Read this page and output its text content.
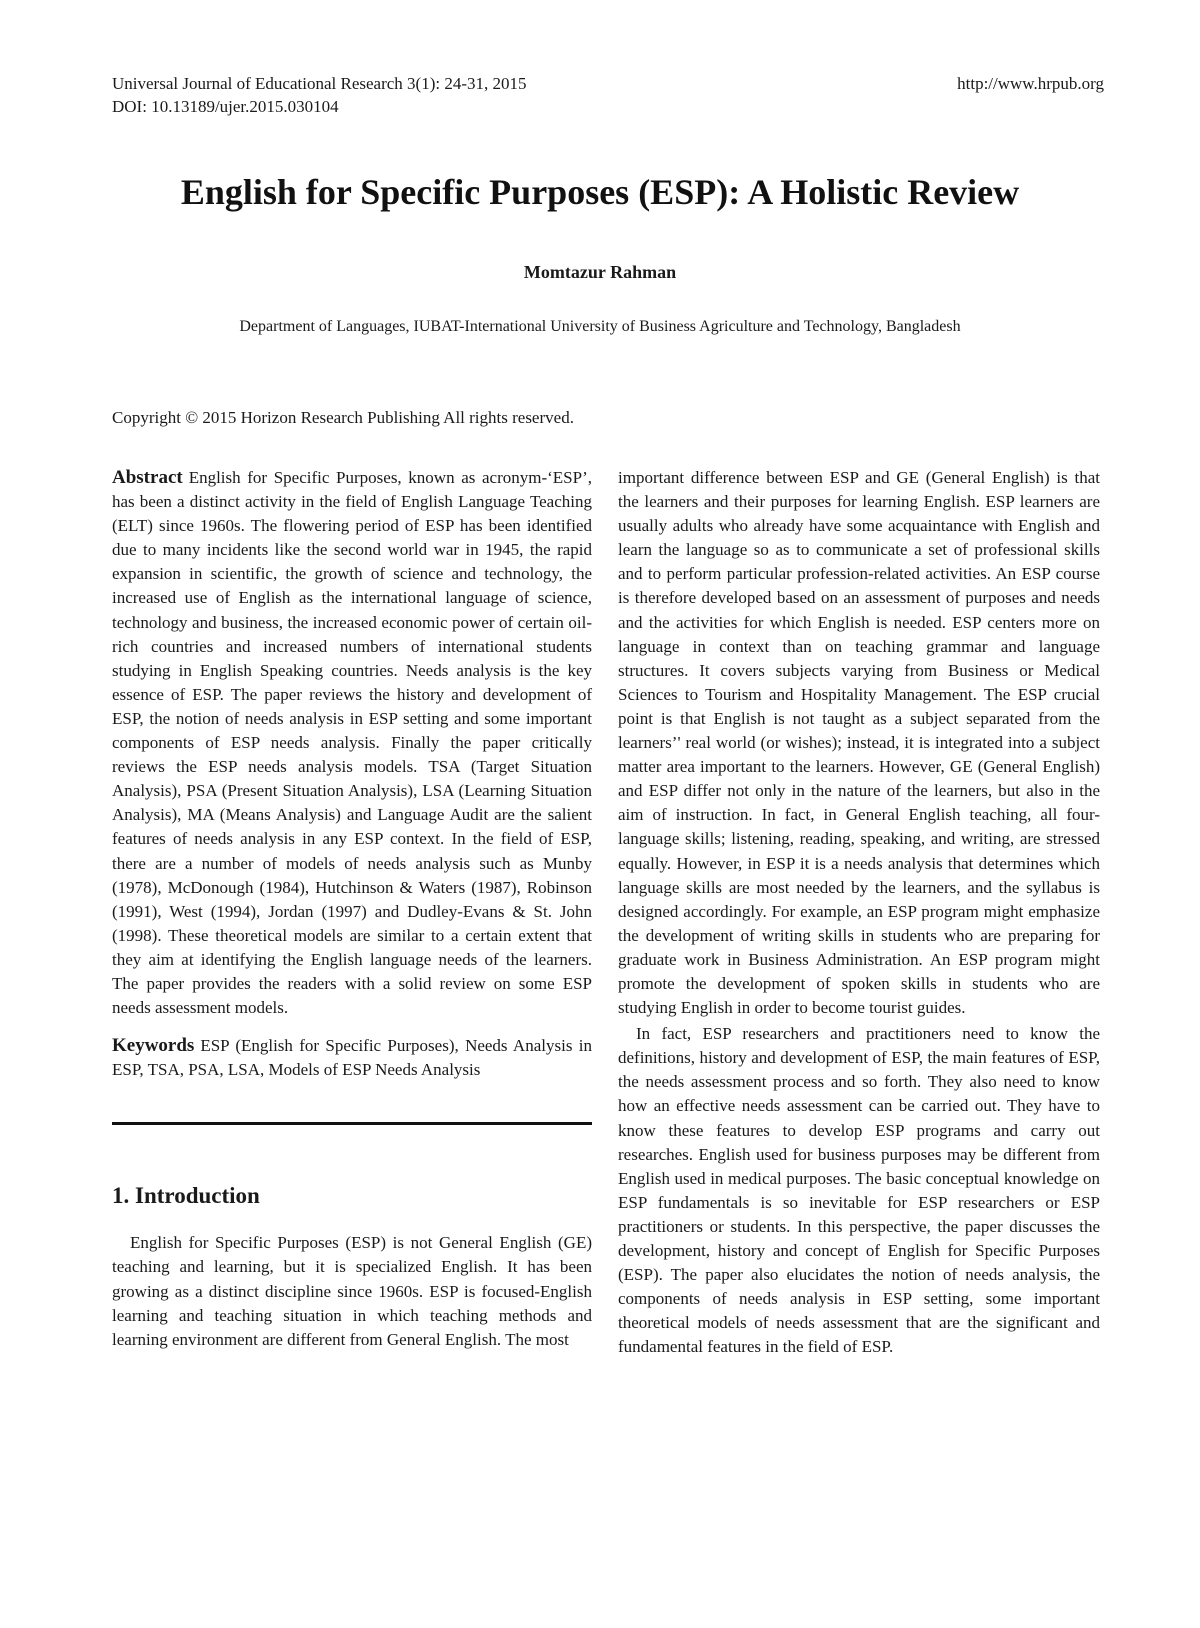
Universal Journal of Educational Research 3(1): 24-31, 2015
DOI: 10.13189/ujer.2015.030104
http://www.hrpub.org
English for Specific Purposes (ESP): A Holistic Review
Momtazur Rahman
Department of Languages, IUBAT-International University of Business Agriculture and Technology, Bangladesh
Copyright © 2015 Horizon Research Publishing All rights reserved.

Abstract English for Specific Purposes, known as acronym-‘ESP’, has been a distinct activity in the field of English Language Teaching (ELT) since 1960s. The flowering period of ESP has been identified due to many incidents like the second world war in 1945, the rapid expansion in scientific, the growth of science and technology, the increased use of English as the international language of science, technology and business, the increased economic power of certain oil-rich countries and increased numbers of international students studying in English Speaking countries. Needs analysis is the key essence of ESP. The paper reviews the history and development of ESP, the notion of needs analysis in ESP setting and some important components of ESP needs analysis. Finally the paper critically reviews the ESP needs analysis models. TSA (Target Situation Analysis), PSA (Present Situation Analysis), LSA (Learning Situation Analysis), MA (Means Analysis) and Language Audit are the salient features of needs analysis in any ESP context. In the field of ESP, there are a number of models of needs analysis such as Munby (1978), McDonough (1984), Hutchinson & Waters (1987), Robinson (1991), West (1994), Jordan (1997) and Dudley-Evans & St. John (1998). These theoretical models are similar to a certain extent that they aim at identifying the English language needs of the learners. The paper provides the readers with a solid review on some ESP needs assessment models.

Keywords ESP (English for Specific Purposes), Needs Analysis in ESP, TSA, PSA, LSA, Models of ESP Needs Analysis

1. Introduction

English for Specific Purposes (ESP) is not General English (GE) teaching and learning, but it is specialized English. It has been growing as a distinct discipline since 1960s. ESP is focused-English learning and teaching situation in which teaching methods and learning environment are different from General English. The most

important difference between ESP and GE (General English) is that the learners and their purposes for learning English. ESP learners are usually adults who already have some acquaintance with English and learn the language so as to communicate a set of professional skills and to perform particular profession-related activities. An ESP course is therefore developed based on an assessment of purposes and needs and the activities for which English is needed. ESP centers more on language in context than on teaching grammar and language structures. It covers subjects varying from Business or Medical Sciences to Tourism and Hospitality Management. The ESP crucial point is that English is not taught as a subject separated from the learners’' real world (or wishes); instead, it is integrated into a subject matter area important to the learners. However, GE (General English) and ESP differ not only in the nature of the learners, but also in the aim of instruction. In fact, in General English teaching, all four-language skills; listening, reading, speaking, and writing, are stressed equally. However, in ESP it is a needs analysis that determines which language skills are most needed by the learners, and the syllabus is designed accordingly. For example, an ESP program might emphasize the development of writing skills in students who are preparing for graduate work in Business Administration. An ESP program might promote the development of spoken skills in students who are studying English in order to become tourist guides.

In fact, ESP researchers and practitioners need to know the definitions, history and development of ESP, the main features of ESP, the needs assessment process and so forth. They also need to know how an effective needs assessment can be carried out. They have to know these features to develop ESP programs and carry out researches. English used for business purposes may be different from English used in medical purposes. The basic conceptual knowledge on ESP fundamentals is so inevitable for ESP researchers or ESP practitioners or students. In this perspective, the paper discusses the development, history and concept of English for Specific Purposes (ESP). The paper also elucidates the notion of needs analysis, the components of needs analysis in ESP setting, some important theoretical models of needs assessment that are the significant and fundamental features in the field of ESP.
